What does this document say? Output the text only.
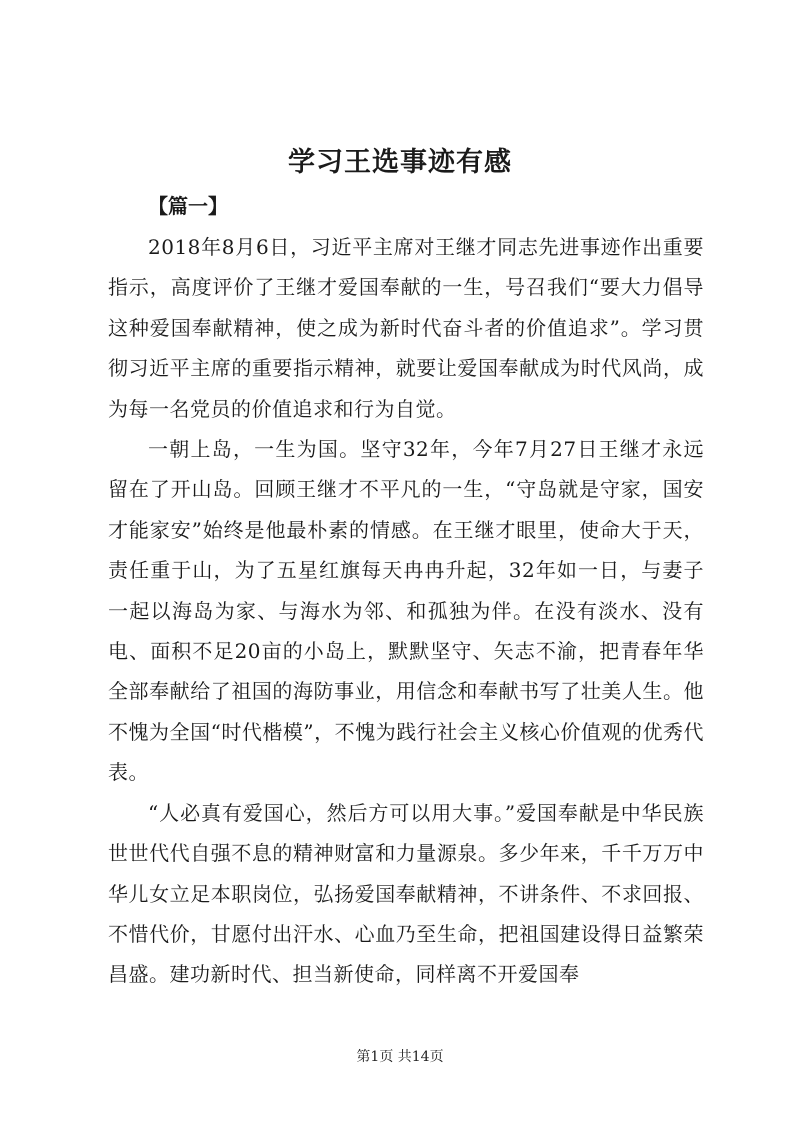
学习王选事迹有感
【篇一】

2018年8月6日，习近平主席对王继才同志先进事迹作出重要指示，高度评价了王继才爱国奉献的一生，号召我们“要大力倡导这种爱国奉献精神，使之成为新时代奋斗者的价值追求”。学习贯彻习近平主席的重要指示精神，就要让爱国奉献成为时代风尚，成为每一名党员的价值追求和行为自觉。

一朝上岛，一生为国。坚守32年，今年7月27日王继才永远留在了开山岛。回顾王继才不平凡的一生，“守岛就是守家，国安才能家安”始终是他最朴素的情感。在王继才眼里，使命大于天，责任重于山，为了五星红旗每天冉冉升起，32年如一日，与妻子一起以海岛为家、与海水为邻、和孤独为伴。在没有淡水、没有电、面积不足20亩的小岛上，默默坚守、矢志不渝，把青春年华全部奉献给了祖国的海防事业，用信念和奉献书写了壮美人生。他不愧为全国“时代楷模”，不愧为践行社会主义核心价值观的优秀代表。

“人必真有爱国心，然后方可以用大事。”爱国奉献是中华民族世世代代自强不息的精神财富和力量源泉。多少年来，千千万万中华儿女立足本职岗位，弘扬爱国奉献精神，不讲条件、不求回报、不惜代价，甘愿付出汗水、心血乃至生命，把祖国建设得日益繁荣昌盛。建功新时代、担当新使命，同样离不开爱国奉

第1页 共14页
